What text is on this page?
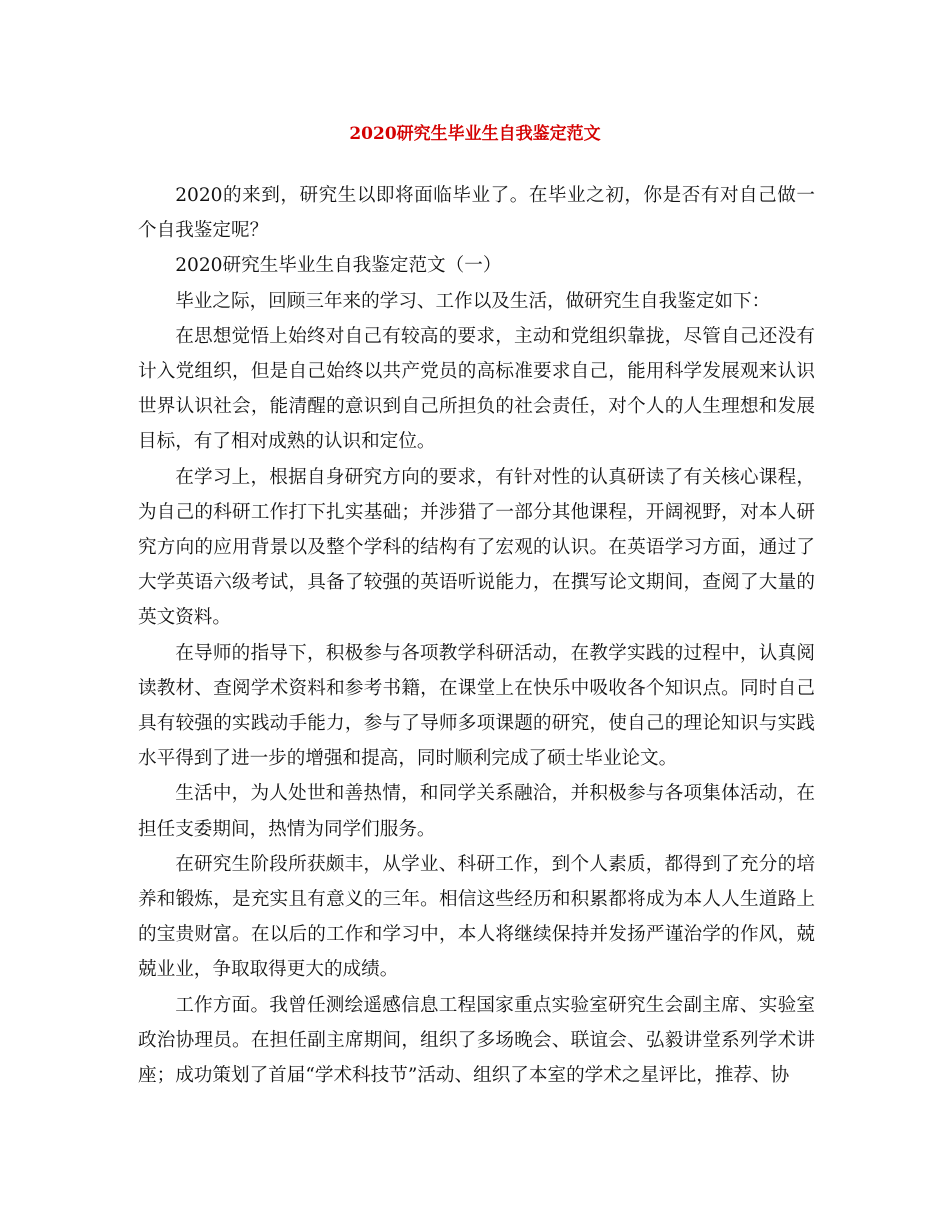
2020研究生毕业生自我鉴定范文

2020的来到，研究生以即将面临毕业了。在毕业之初，你是否有对自己做一个自我鉴定呢？

2020研究生毕业生自我鉴定范文（一）

毕业之际，回顾三年来的学习、工作以及生活，做研究生自我鉴定如下：

在思想觉悟上始终对自己有较高的要求，主动和党组织靠拢，尽管自己还没有计入党组织，但是自己始终以共产党员的高标准要求自己，能用科学发展观来认识世界认识社会，能清醒的意识到自己所担负的社会责任，对个人的人生理想和发展目标，有了相对成熟的认识和定位。

在学习上，根据自身研究方向的要求，有针对性的认真研读了有关核心课程，为自己的科研工作打下扎实基础；并涉猎了一部分其他课程，开阔视野，对本人研究方向的应用背景以及整个学科的结构有了宏观的认识。在英语学习方面，通过了大学英语六级考试，具备了较强的英语听说能力，在撰写论文期间，查阅了大量的英文资料。

在导师的指导下，积极参与各项教学科研活动，在教学实践的过程中，认真阅读教材、查阅学术资料和参考书籍，在课堂上在快乐中吸收各个知识点。同时自己具有较强的实践动手能力，参与了导师多项课题的研究，使自己的理论知识与实践水平得到了进一步的增强和提高，同时顺利完成了硕士毕业论文。

生活中，为人处世和善热情，和同学关系融洽，并积极参与各项集体活动，在担任支委期间，热情为同学们服务。

在研究生阶段所获颇丰，从学业、科研工作，到个人素质，都得到了充分的培养和锻炼，是充实且有意义的三年。相信这些经历和积累都将成为本人人生道路上的宝贵财富。在以后的工作和学习中，本人将继续保持并发扬严谨治学的作风，兢兢业业，争取取得更大的成绩。

工作方面。我曾任测绘遥感信息工程国家重点实验室研究生会副主席、实验室政治协理员。在担任副主席期间，组织了多场晚会、联谊会、弘毅讲堂系列学术讲座；成功策划了首届“学术科技节”活动、组织了本室的学术之星评比，推荐、协
